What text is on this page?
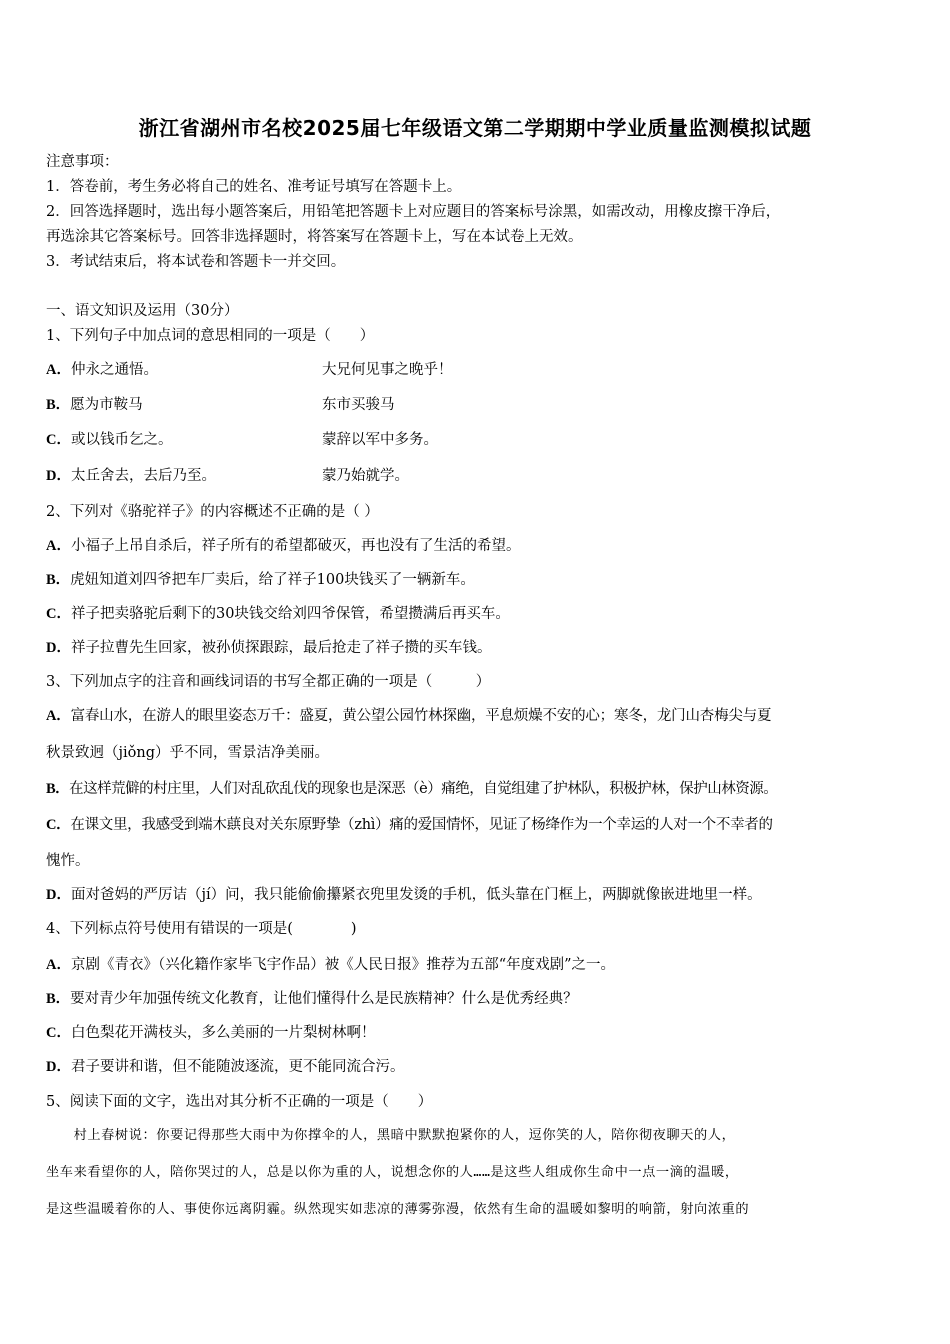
浙江省湖州市名校2025届七年级语文第二学期期中学业质量监测模拟试题
注意事项：
1．答卷前，考生务必将自己的姓名、准考证号填写在答题卡上。
2．回答选择题时，选出每小题答案后，用铅笔把答题卡上对应题目的答案标号涂黑，如需改动，用橡皮擦干净后，
再选涂其它答案标号。回答非选择题时，将答案写在答题卡上，写在本试卷上无效。
3．考试结束后，将本试卷和答题卡一并交回。
一、语文知识及运用（30分）
1、下列句子中加点词的意思相同的一项是（　　）
A．仲永之通悟。	大兄何见事之晚乎！
B．愿为市鞍马	东市买骏马
C．或以钱币乞之。	蒙辞以军中多务。
D．太丘舍去，去后乃至。	蒙乃始就学。
2、下列对《骆驼祥子》的内容概述不正确的是（ ）
A．小福子上吊自杀后，祥子所有的希望都破灭，再也没有了生活的希望。
B．虎妞知道刘四爷把车厂卖后，给了祥子100块钱买了一辆新车。
C．祥子把卖骆驼后剩下的30块钱交给刘四爷保管，希望攒满后再买车。
D．祥子拉曹先生回家，被孙侦探跟踪，最后抢走了祥子攒的买车钱。
3、下列加点字的注音和画线词语的书写全都正确的一项是（　　　）
A．富春山水，在游人的眼里姿态万千：盛夏，黄公望公园竹林探幽，平息烦燥不安的心；寒冬，龙门山杏梅尖与夏
秋景致迥（jiǒng）乎不同，雪景洁净美丽。
B．在这样荒僻的村庄里，人们对乱砍乱伐的现象也是深恶（è）痛绝，自觉组建了护林队，积极护林，保护山林资源。
C．在课文里，我感受到端木蕻良对关东原野挚（zhì）痛的爱国情怀，见证了杨绛作为一个幸运的人对一个不幸者的
愧怍。
D．面对爸妈的严厉诘（jí）问，我只能偷偷攥紧衣兜里发烫的手机，低头靠在门框上，两脚就像嵌进地里一样。
4、下列标点符号使用有错误的一项是(　　　　)
A．京剧《青衣》（兴化籍作家毕飞宇作品）被《人民日报》推荐为五部“年度戏剧”之一。
B．要对青少年加强传统文化教育，让他们懂得什么是民族精神？什么是优秀经典？
C．白色梨花开满枝头，多么美丽的一片梨树林啊！
D．君子要讲和谐，但不能随波逐流，更不能同流合污。
5、阅读下面的文字，选出对其分析不正确的一项是（　　）
　　村上春树说：你要记得那些大雨中为你撑伞的人，黑暗中默默抱紧你的人，逗你笑的人，陪你彻夜聊天的人，
坐车来看望你的人，陪你哭过的人，总是以你为重的人，说想念你的人……是这些人组成你生命中一点一滴的温暖，
是这些温暖着你的人、事使你远离阴霾。纵然现实如悲凉的薄雾弥漫，依然有生命的温暖如黎明的响箭，射向浓重的
